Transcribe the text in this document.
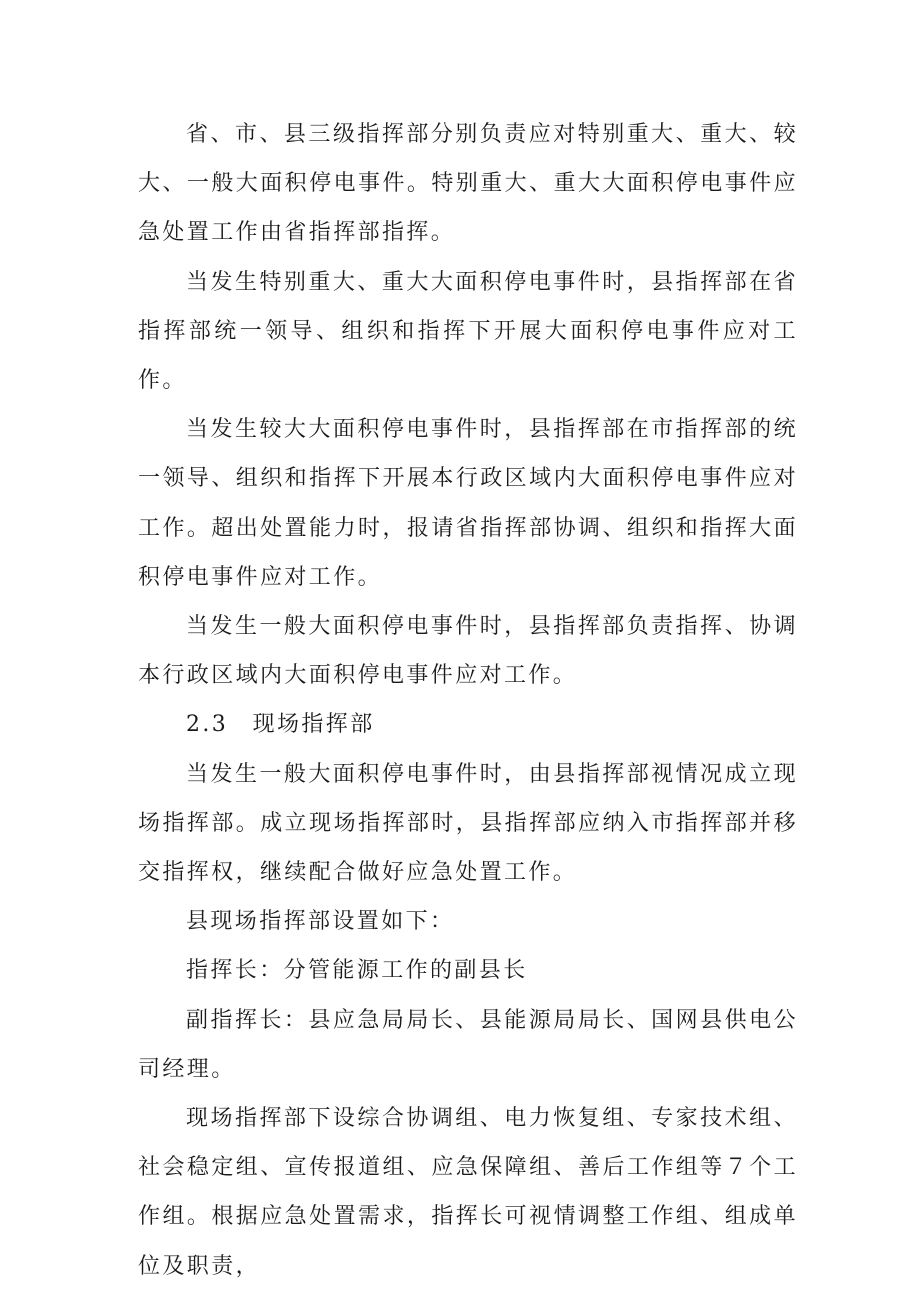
省、市、县三级指挥部分别负责应对特别重大、重大、较大、一般大面积停电事件。特别重大、重大大面积停电事件应急处置工作由省指挥部指挥。

当发生特别重大、重大大面积停电事件时，县指挥部在省指挥部统一领导、组织和指挥下开展大面积停电事件应对工作。

当发生较大大面积停电事件时，县指挥部在市指挥部的统一领导、组织和指挥下开展本行政区域内大面积停电事件应对工作。超出处置能力时，报请省指挥部协调、组织和指挥大面积停电事件应对工作。

当发生一般大面积停电事件时，县指挥部负责指挥、协调本行政区域内大面积停电事件应对工作。

2.3　现场指挥部

当发生一般大面积停电事件时，由县指挥部视情况成立现场指挥部。成立现场指挥部时，县指挥部应纳入市指挥部并移交指挥权，继续配合做好应急处置工作。

县现场指挥部设置如下：

指挥长：分管能源工作的副县长

副指挥长：县应急局局长、县能源局局长、国网县供电公司经理。

现场指挥部下设综合协调组、电力恢复组、专家技术组、社会稳定组、宣传报道组、应急保障组、善后工作组等７个工作组。根据应急处置需求，指挥长可视情调整工作组、组成单位及职责，
